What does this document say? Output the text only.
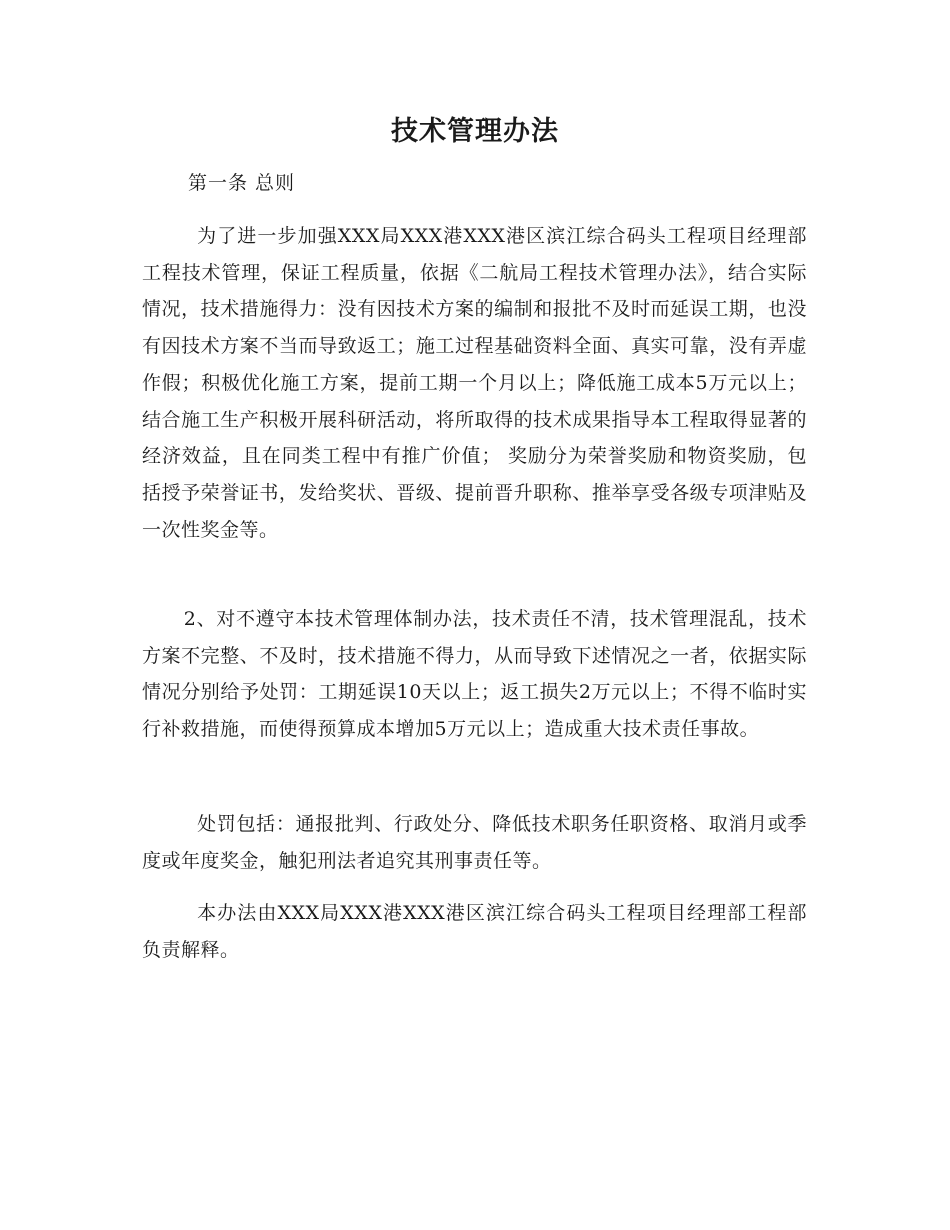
技术管理办法
第一条 总则

为了进一步加强XXX局XXX港XXX港区滨江综合码头工程项目经理部工程技术管理，保证工程质量，依据《二航局工程技术管理办法》，结合实际情况，技术措施得力：没有因技术方案的编制和报批不及时而延误工期，也没有因技术方案不当而导致返工；施工过程基础资料全面、真实可靠，没有弄虚作假；积极优化施工方案，提前工期一个月以上；降低施工成本5万元以上；结合施工生产积极开展科研活动，将所取得的技术成果指导本工程取得显著的经济效益，且在同类工程中有推广价值； 奖励分为荣誉奖励和物资奖励，包括授予荣誉证书，发给奖状、晋级、提前晋升职称、推举享受各级专项津贴及一次性奖金等。

2、对不遵守本技术管理体制办法，技术责任不清，技术管理混乱，技术方案不完整、不及时，技术措施不得力，从而导致下述情况之一者，依据实际情况分别给予处罚：工期延误10天以上；返工损失2万元以上；不得不临时实行补救措施，而使得预算成本增加5万元以上；造成重大技术责任事故。

处罚包括：通报批判、行政处分、降低技术职务任职资格、取消月或季度或年度奖金，触犯刑法者追究其刑事责任等。

本办法由XXX局XXX港XXX港区滨江综合码头工程项目经理部工程部负责解释。
